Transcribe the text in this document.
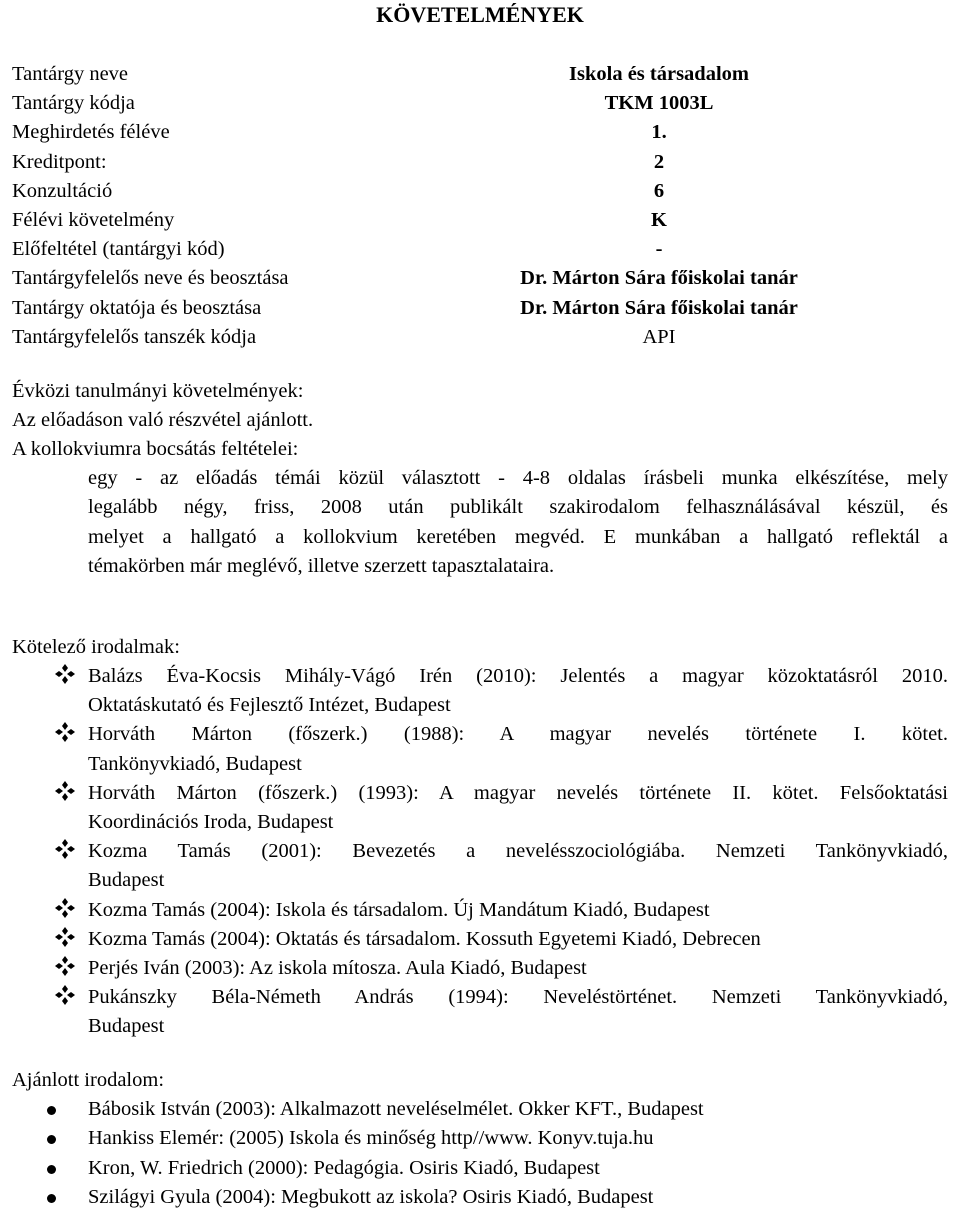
KÖVETELMÉNYEK
Tantárgy neve	Iskola és társadalom
Tantárgy kódja	TKM 1003L
Meghirdetés féléve	1.
Kreditpont:	2
Konzultáció	6
Félévi követelmény	K
Előfeltétel (tantárgyi kód)	-
Tantárgyfelelős neve és beosztása	Dr. Márton Sára főiskolai tanár
Tantárgy oktatója és beosztása	Dr. Márton Sára főiskolai tanár
Tantárgyfelelős tanszék kódja	API
Évközi tanulmányi követelmények:
Az előadáson való részvétel ajánlott.
A kollokviumra bocsátás feltételei:

egy - az előadás témái közül választott - 4-8 oldalas írásbeli munka elkészítése, mely

legalább négy, friss, 2008 után publikált szakirodalom felhasználásával készül, és

melyet a hallgató a kollokvium keretében megvéd. E munkában a hallgató reflektál a

témakörben már meglévő, illetve szerzett tapasztalataira.

Kötelező irodalmak:
Balázs Éva-Kocsis Mihály-Vágó Irén (2010): Jelentés a magyar közoktatásról 2010.
Oktatáskutató és Fejlesztő Intézet, Budapest
Horváth Márton (főszerk.) (1988): A magyar nevelés története I. kötet.
Tankönyvkiadó, Budapest
Horváth Márton (főszerk.) (1993): A magyar nevelés története II. kötet. Felsőoktatási
Koordinációs Iroda, Budapest
Kozma Tamás (2001): Bevezetés a nevelésszociológiába. Nemzeti Tankönyvkiadó,
Budapest
Kozma Tamás (2004): Iskola és társadalom. Új Mandátum Kiadó, Budapest
Kozma Tamás (2004): Oktatás és társadalom. Kossuth Egyetemi Kiadó, Debrecen
Perjés Iván (2003): Az iskola mítosza. Aula Kiadó, Budapest
Pukánszky Béla-Németh András (1994): Neveléstörténet. Nemzeti Tankönyvkiadó,
Budapest
Ajánlott irodalom:
Bábosik István (2003): Alkalmazott neveléselmélet. Okker KFT., Budapest
Hankiss Elemér: (2005) Iskola és minőség http//www. Konyv.tuja.hu
Kron, W. Friedrich (2000): Pedagógia. Osiris Kiadó, Budapest
Szilágyi Gyula (2004): Megbukott az iskola? Osiris Kiadó, Budapest
